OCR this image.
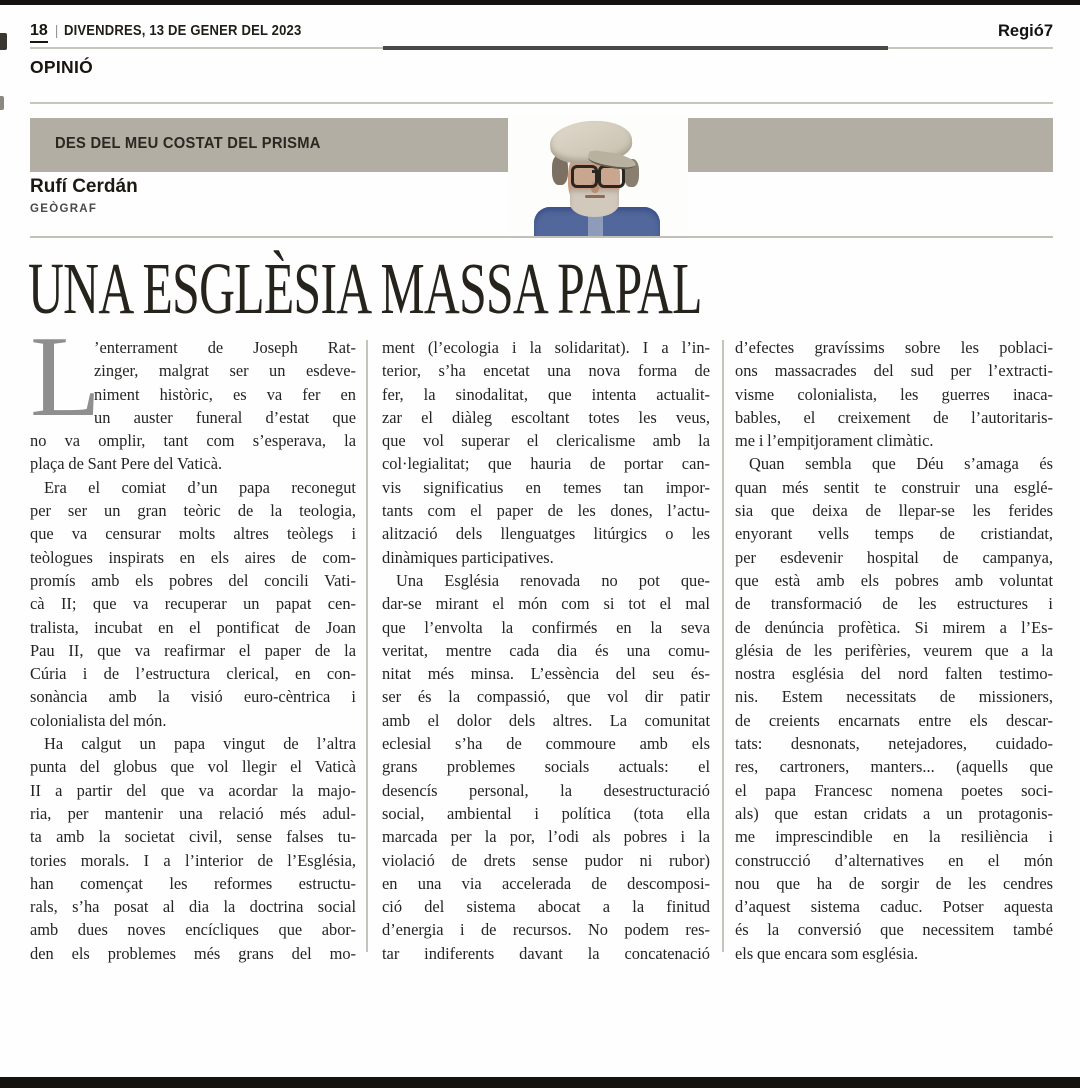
18 | DIVENDRES, 13 DE GENER DEL 2023	Regió7
OPINIÓ
DES DEL MEU COSTAT DEL PRISMA
Rufí Cerdán
GEÒGRAF
UNA ESGLÈSIA MASSA PAPAL
L
’enterrament de Joseph Rat-
zinger, malgrat ser un esdeve-
niment històric, es va fer en
un auster funeral d’estat que
no va omplir, tant com s’esperava, la
plaça de Sant Pere del Vaticà.
Era el comiat d’un papa reconegut
per ser un gran teòric de la teologia,
que va censurar molts altres teòlegs i
teòlogues inspirats en els aires de com-
promís amb els pobres del concili Vati-
cà II; que va recuperar un papat cen-
tralista, incubat en el pontificat de Joan
Pau II, que va reafirmar el paper de la
Cúria i de l’estructura clerical, en con-
sonància amb la visió euro-cèntrica i
colonialista del món.
Ha calgut un papa vingut de l’altra
punta del globus que vol llegir el Vaticà
II a partir del que va acordar la majo-
ria, per mantenir una relació més adul-
ta amb la societat civil, sense falses tu-
tories morals. I a l’interior de l’Església,
han començat les reformes estructu-
rals, s’ha posat al dia la doctrina social
amb dues noves encícliques que abor-
den els problemes més grans del mo-
ment (l’ecologia i la solidaritat). I a l’in-
terior, s’ha encetat una nova forma de
fer, la sinodalitat, que intenta actualit-
zar el diàleg escoltant totes les veus,
que vol superar el clericalisme amb la
col·legialitat; que hauria de portar can-
vis significatius en temes tan impor-
tants com el paper de les dones, l’actu-
alització dels llenguatges litúrgics o les
dinàmiques participatives.
Una Església renovada no pot que-
dar-se mirant el món com si tot el mal
que l’envolta la confirmés en la seva
veritat, mentre cada dia és una comu-
nitat més minsa. L’essència del seu és-
ser és la compassió, que vol dir patir
amb el dolor dels altres. La comunitat
eclesial s’ha de commoure amb els
grans problemes socials actuals: el
desencís personal, la desestructuració
social, ambiental i política (tota ella
marcada per la por, l’odi als pobres i la
violació de drets sense pudor ni rubor)
en una via accelerada de descomposi-
ció del sistema abocat a la finitud
d’energia i de recursos. No podem res-
tar indiferents davant la concatenació
d’efectes gravíssims sobre les poblaci-
ons massacrades del sud per l’extracti-
visme colonialista, les guerres inaca-
bables, el creixement de l’autoritaris-
me i l’empitjorament climàtic.
Quan sembla que Déu s’amaga és
quan més sentit te construir una esglé-
sia que deixa de llepar-se les ferides
enyorant vells temps de cristiandat,
per esdevenir hospital de campanya,
que està amb els pobres amb voluntat
de transformació de les estructures i
de denúncia profètica. Si mirem a l’Es-
glésia de les perifèries, veurem que a la
nostra església del nord falten testimo-
nis. Estem necessitats de missioners,
de creients encarnats entre els descar-
tats: desnonats, netejadores, cuidado-
res, cartroners, manters... (aquells que
el papa Francesc nomena poetes soci-
als) que estan cridats a un protagonis-
me imprescindible en la resiliència i
construcció d’alternatives en el món
nou que ha de sorgir de les cendres
d’aquest sistema caduc. Potser aquesta
és la conversió que necessitem també
els que encara som església.
